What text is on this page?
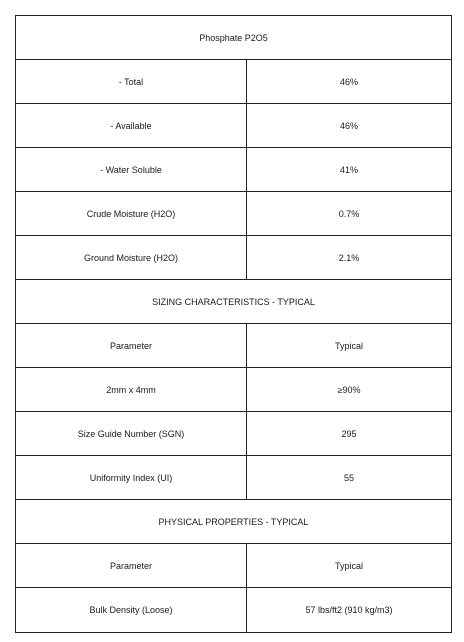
Phosphate P2O5	
- Total	46%
- Available	46%
- Water Soluble	41%
Crude Moisture (H2O)	0.7%
Ground Moisture (H2O)	2.1%
SIZING CHARACTERISTICS - TYPICAL	
Parameter	Typical
2mm x 4mm	≥90%
Size Guide Number (SGN)	295
Uniformity Index (UI)	55
PHYSICAL PROPERTIES - TYPICAL	
Parameter	Typical
Bulk Density (Loose)	57 lbs/ft2 (910 kg/m3)
